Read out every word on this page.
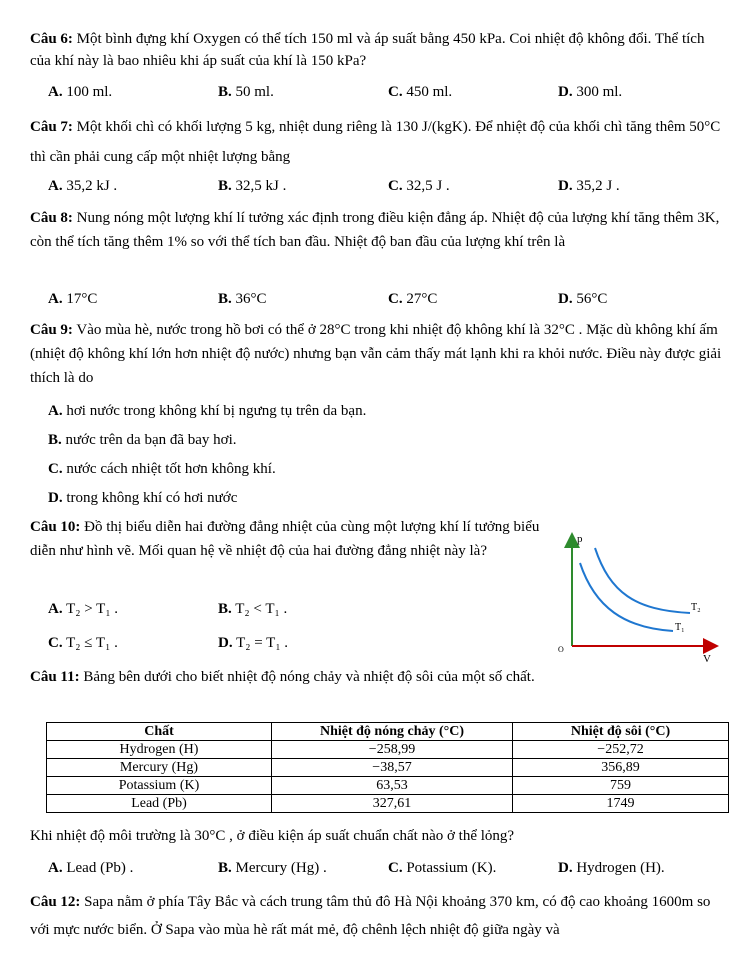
Câu 6: Một bình đựng khí Oxygen có thể tích 150 ml và áp suất bằng 450 kPa. Coi nhiệt độ không đổi. Thể tích của khí này là bao nhiêu khi áp suất của khí là 150 kPa?
A. 100 ml.	B. 50 ml.	C. 450 ml.	D. 300 ml.
Câu 7: Một khối chì có khối lượng 5 kg, nhiệt dung riêng là 130 J/(kgK). Để nhiệt độ của khối chì tăng thêm 50°C thì cần phải cung cấp một nhiệt lượng bằng
A. 35,2 kJ .	B. 32,5 kJ .	C. 32,5 J .	D. 35,2 J .
Câu 8: Nung nóng một lượng khí lí tưởng xác định trong điều kiện đẳng áp. Nhiệt độ của lượng khí tăng thêm 3K, còn thể tích tăng thêm 1% so với thể tích ban đầu. Nhiệt độ ban đầu của lượng khí trên là
A. 17°C	B. 36°C	C. 27°C	D. 56°C
Câu 9: Vào mùa hè, nước trong hồ bơi có thể ở 28°C trong khi nhiệt độ không khí là 32°C . Mặc dù không khí ấm (nhiệt độ không khí lớn hơn nhiệt độ nước) nhưng bạn vẫn cảm thấy mát lạnh khi ra khỏi nước. Điều này được giải thích là do
A. hơi nước trong không khí bị ngưng tụ trên da bạn.
B. nước trên da bạn đã bay hơi.
C. nước cách nhiệt tốt hơn không khí.
D. trong không khí có hơi nước
Câu 10: Đồ thị biểu diễn hai đường đẳng nhiệt của cùng một lượng khí lí tưởng biểu diễn như hình vẽ. Mối quan hệ về nhiệt độ của hai đường đẳng nhiệt này là?
A. T₂ > T₁ .	B. T₂ < T₁ .
C. T₂ ≤ T₁ .	D. T₂ = T₁ .
p
V
O
T₂
T₁
Câu 11: Bảng bên dưới cho biết nhiệt độ nóng chảy và nhiệt độ sôi của một số chất.
Chất	Nhiệt độ nóng chảy (°C)	Nhiệt độ sôi (°C)
Hydrogen (H)	−258,99	−252,72
Mercury (Hg)	−38,57	356,89
Potassium (K)	63,53	759
Lead (Pb)	327,61	1749
Khi nhiệt độ môi trường là 30°C , ở điều kiện áp suất chuẩn chất nào ở thể lỏng?
A. Lead (Pb) .	B. Mercury (Hg) .	C. Potassium (K).	D. Hydrogen (H).
Câu 12: Sapa nằm ở phía Tây Bắc và cách trung tâm thủ đô Hà Nội khoảng 370 km, có độ cao khoảng 1600m so với mực nước biển. Ở Sapa vào mùa hè rất mát mẻ, độ chênh lệch nhiệt độ giữa ngày và
